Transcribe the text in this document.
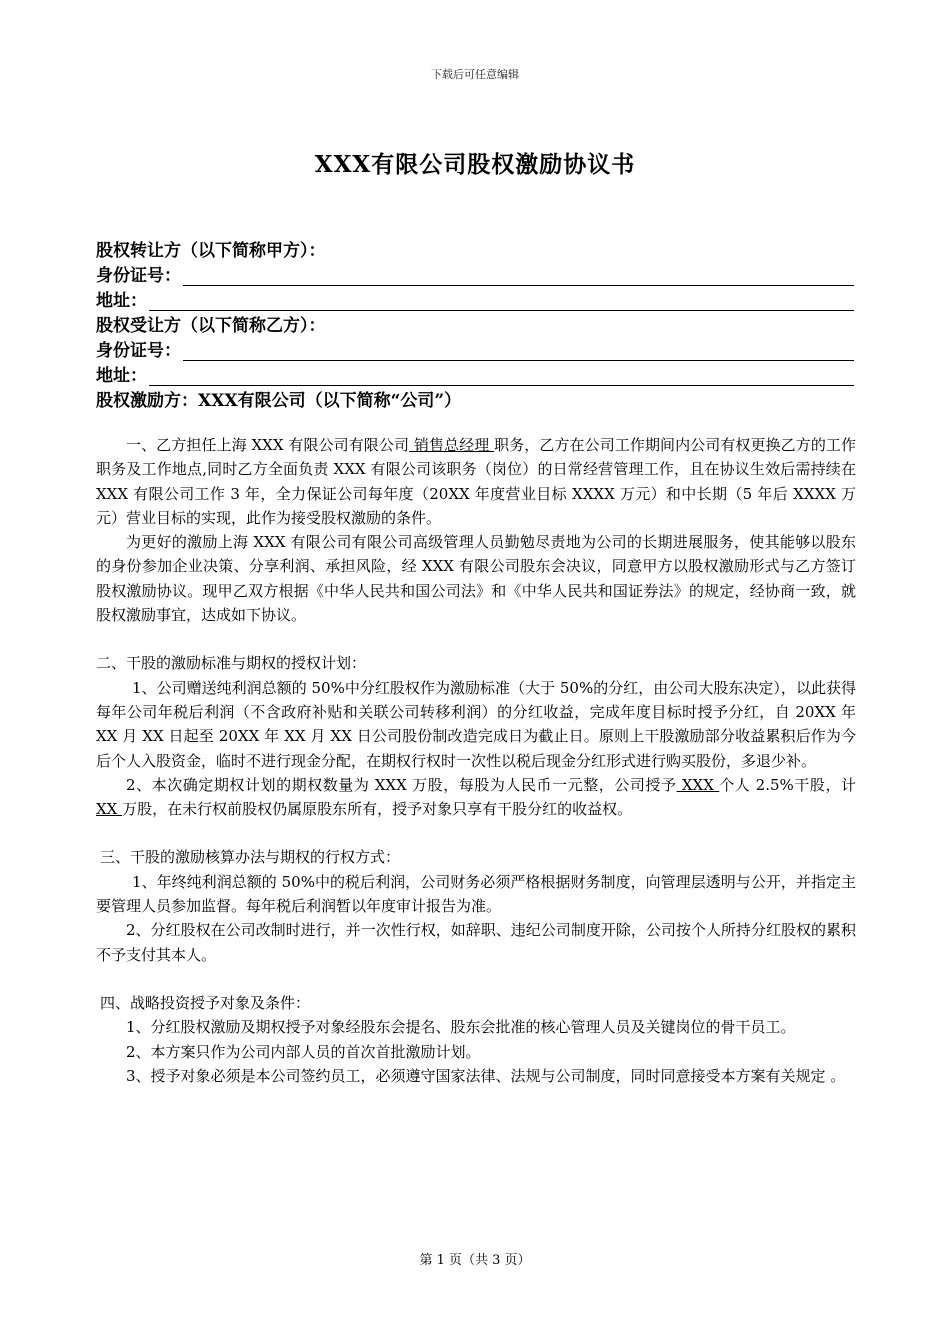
下载后可任意编辑
XXX有限公司股权激励协议书
股权转让方（以下简称甲方）：
身份证号：
地址：
股权受让方（以下简称乙方）：
身份证号：
地址：
股权激励方：XXX有限公司（以下简称“公司”）

一、乙方担任上海 XXX 有限公司有限公司 销售总经理 职务，乙方在公司工作期间内公司有权更换乙方的工作职务及工作地点,同时乙方全面负责 XXX 有限公司该职务（岗位）的日常经营管理工作，且在协议生效后需持续在 XXX 有限公司工作 3 年，全力保证公司每年度（20XX 年度营业目标 XXXX 万元）和中长期（5 年后 XXXX 万元）营业目标的实现，此作为接受股权激励的条件。

为更好的激励上海 XXX 有限公司有限公司高级管理人员勤勉尽责地为公司的长期进展服务，使其能够以股东的身份参加企业决策、分享利润、承担风险，经 XXX 有限公司股东会决议，同意甲方以股权激励形式与乙方签订股权激励协议。现甲乙双方根据《中华人民共和国公司法》和《中华人民共和国证券法》的规定，经协商一致，就股权激励事宜，达成如下协议。

二、干股的激励标准与期权的授权计划：

1、公司赠送纯利润总额的 50%中分红股权作为激励标准（大于 50%的分红，由公司大股东决定），以此获得每年公司年税后利润（不含政府补贴和关联公司转移利润）的分红收益，完成年度目标时授予分红，自 20XX 年 XX 月 XX 日起至 20XX 年 XX 月 XX 日公司股份制改造完成日为截止日。原则上干股激励部分收益累积后作为今后个人入股资金，临时不进行现金分配，在期权行权时一次性以税后现金分红形式进行购买股份，多退少补。

2、本次确定期权计划的期权数量为 XXX 万股，每股为人民币一元整，公司授予 XXX 个人 2.5%干股，计 XX 万股，在未行权前股权仍属原股东所有，授予对象只享有干股分红的收益权。

三、干股的激励核算办法与期权的行权方式：

1、年终纯利润总额的 50%中的税后利润，公司财务必须严格根据财务制度，向管理层透明与公开，并指定主要管理人员参加监督。每年税后利润暂以年度审计报告为准。

2、分红股权在公司改制时进行，并一次性行权，如辞职、违纪公司制度开除，公司按个人所持分红股权的累积不予支付其本人。

四、战略投资授予对象及条件：

1、分红股权激励及期权授予对象经股东会提名、股东会批准的核心管理人员及关键岗位的骨干员工。

2、本方案只作为公司内部人员的首次首批激励计划。

3、授予对象必须是本公司签约员工，必须遵守国家法律、法规与公司制度，同时同意接受本方案有关规定 。

第 1 页（共 3 页）
